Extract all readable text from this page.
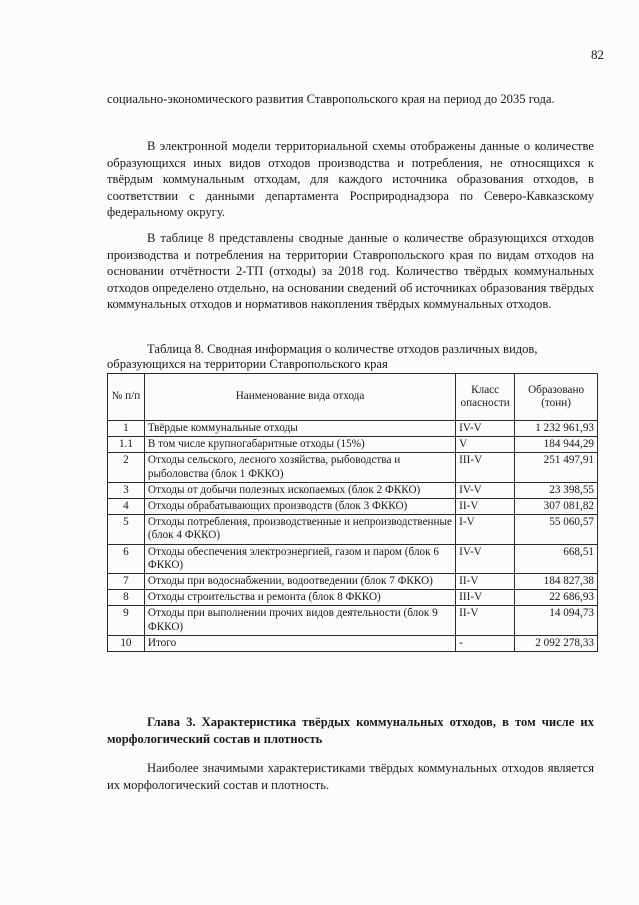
82

социально-экономического развития Ставропольского края на период до 2035 года.

В электронной модели территориальной схемы отображены данные о количестве образующихся иных видов отходов производства и потребления, не относящихся к твёрдым коммунальным отходам, для каждого источника образования отходов, в соответствии с данными департамента Росприроднадзора по Северо-Кавказскому федеральному округу.

В таблице 8 представлены сводные данные о количестве образующихся отходов производства и потребления на территории Ставропольского края по видам отходов на основании отчётности 2-ТП (отходы) за 2018 год. Количество твёрдых коммунальных отходов определено отдельно, на основании сведений об источниках образования твёрдых коммунальных отходов и нормативов накопления твёрдых коммунальных отходов.

Таблица 8. Сводная информация о количестве отходов различных видов,
образующихся на территории Ставропольского края
№ п/п	Наименование вида отхода	Класс опасности	Образовано (тонн)
1	Твёрдые коммунальные отходы	IV-V	1 232 961,93
1.1	В том числе крупногабаритные отходы (15%)	V	184 944,29
2	Отходы сельского, лесного хозяйства, рыбоводства и рыболовства (блок 1 ФККО)	III-V	251 497,91
3	Отходы от добычи полезных ископаемых (блок 2 ФККО)	IV-V	23 398,55
4	Отходы обрабатывающих производств (блок 3 ФККО)	II-V	307 081,82
5	Отходы потребления, производственные и непроизводственные (блок 4 ФККО)	I-V	55 060,57
6	Отходы обеспечения электроэнергией, газом и паром (блок 6 ФККО)	IV-V	668,51
7	Отходы при водоснабжении, водоотведении (блок 7 ФККО)	II-V	184 827,38
8	Отходы строительства и ремонта (блок 8 ФККО)	III-V	22 686,93
9	Отходы при выполнении прочих видов деятельности (блок 9 ФККО)	II-V	14 094,73
10	Итого	-	2 092 278,33

Глава 3. Характеристика твёрдых коммунальных отходов, в том числе их морфологический состав и плотность

Наиболее значимыми характеристиками твёрдых коммунальных отходов является их морфологический состав и плотность.
